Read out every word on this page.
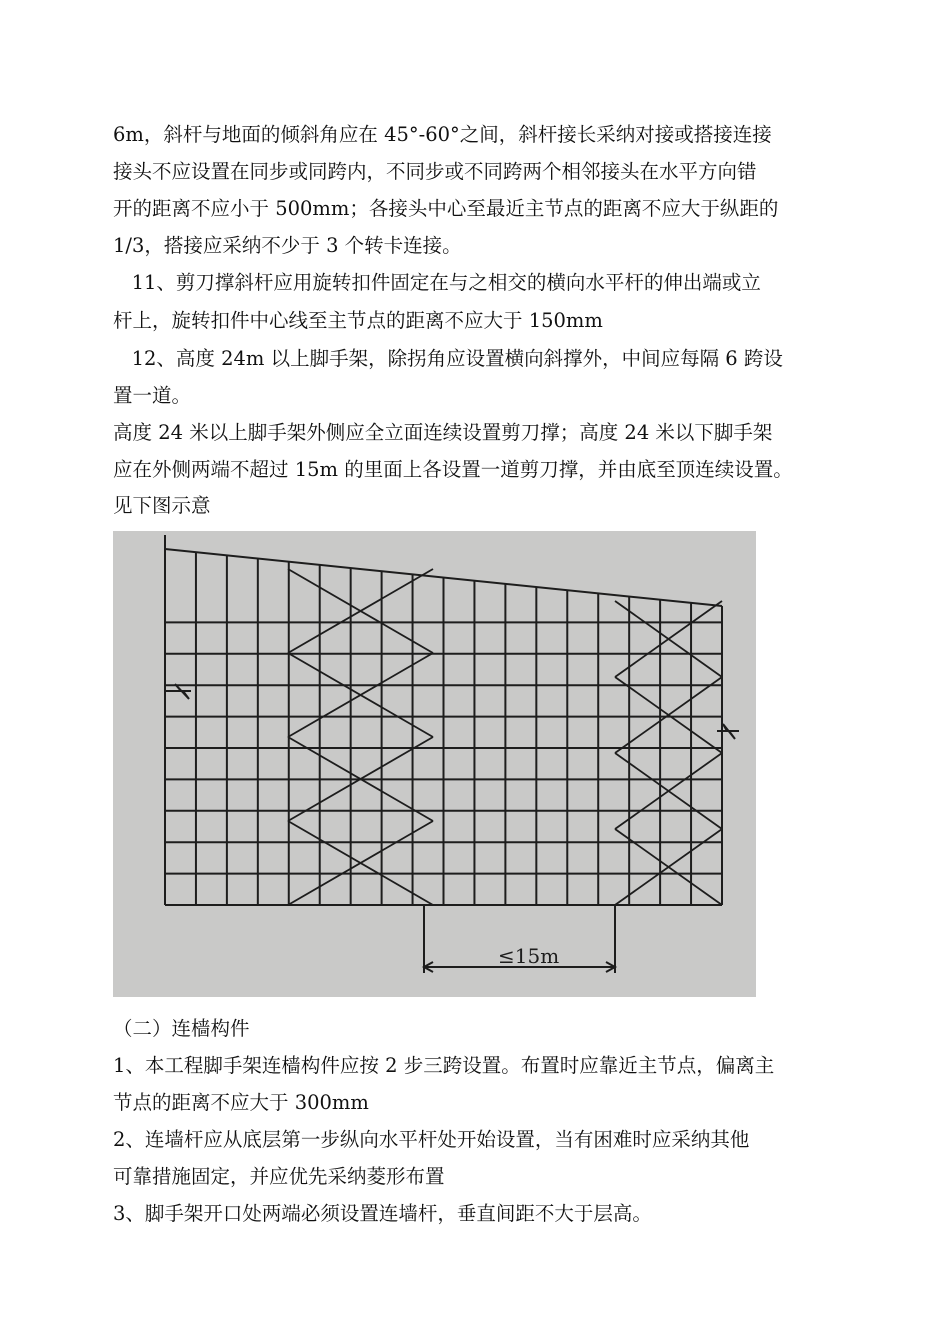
6m，斜杆与地面的倾斜角应在 45°-60°之间，斜杆接长采纳对接或搭接连接
接头不应设置在同步或同跨内，不同步或不同跨两个相邻接头在水平方向错
开的距离不应小于 500mm；各接头中心至最近主节点的距离不应大于纵距的
1/3，搭接应采纳不少于 3 个转卡连接。
11、剪刀撑斜杆应用旋转扣件固定在与之相交的横向水平杆的伸出端或立
杆上，旋转扣件中心线至主节点的距离不应大于 150mm
12、高度 24m 以上脚手架，除拐角应设置横向斜撑外，中间应每隔 6 跨设
置一道。
高度 24 米以上脚手架外侧应全立面连续设置剪刀撑；高度 24 米以下脚手架
应在外侧两端不超过 15m 的里面上各设置一道剪刀撑，并由底至顶连续设置。
见下图示意
≤15m
（二）连樯构件
1、本工程脚手架连樯构件应按 2 步三跨设置。布置时应靠近主节点，偏离主
节点的距离不应大于 300mm
2、连墙杆应从底层第一步纵向水平杆处开始设置，当有困难时应采纳其他
可靠措施固定，并应优先采纳菱形布置
3、脚手架开口处两端必须设置连墙杆，垂直间距不大于层高。
